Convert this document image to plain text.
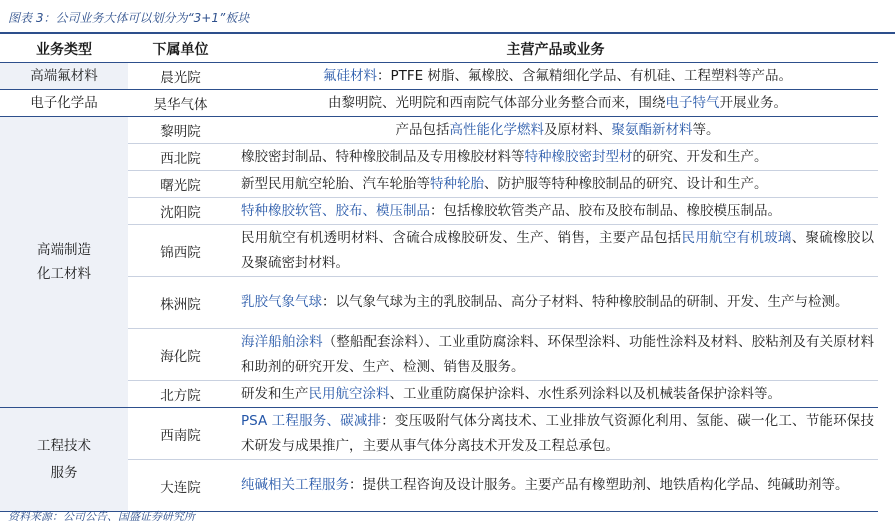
图表 3：公司业务大体可以划分为“3+1”板块
业务类型	下属单位	主营产品或业务
高端氟材料	晨光院	氟硅材料：PTFE 树脂、氟橡胶、含氟精细化学品、有机硅、工程塑料等产品。
电子化学品	昊华气体	由黎明院、光明院和西南院气体部分业务整合而来，围绕电子特气开展业务。
高端制造
化工材料	黎明院	产品包括高性能化学燃料及原材料、聚氨酯新材料等。
	西北院	橡胶密封制品、特种橡胶制品及专用橡胶材料等特种橡胶密封型材的研究、开发和生产。
	曙光院	新型民用航空轮胎、汽车轮胎等特种轮胎、防护服等特种橡胶制品的研究、设计和生产。
	沈阳院	特种橡胶软管、胶布、模压制品：包括橡胶软管类产品、胶布及胶布制品、橡胶模压制品。
	锦西院	民用航空有机透明材料、含硫合成橡胶研发、生产、销售，主要产品包括民用航空有机玻璃、聚硫橡胶以及聚硫密封材料。
	株洲院	乳胶气象气球：以气象气球为主的乳胶制品、高分子材料、特种橡胶制品的研制、开发、生产与检测。
	海化院	海洋船舶涂料（整船配套涂料）、工业重防腐涂料、环保型涂料、功能性涂料及材料、胶粘剂及有关原材料和助剂的研究开发、生产、检测、销售及服务。
	北方院	研发和生产民用航空涂料、工业重防腐保护涂料、水性系列涂料以及机械装备保护涂料等。
工程技术
服务	西南院	PSA 工程服务、碳减排：变压吸附气体分离技术、工业排放气资源化利用、氢能、碳一化工、节能环保技术研发与成果推广，主要从事气体分离技术开发及工程总承包。
	大连院	纯碱相关工程服务：提供工程咨询及设计服务。主要产品有橡塑助剂、地铁盾构化学品、纯碱助剂等。
资料来源：公司公告、国盛证券研究所
